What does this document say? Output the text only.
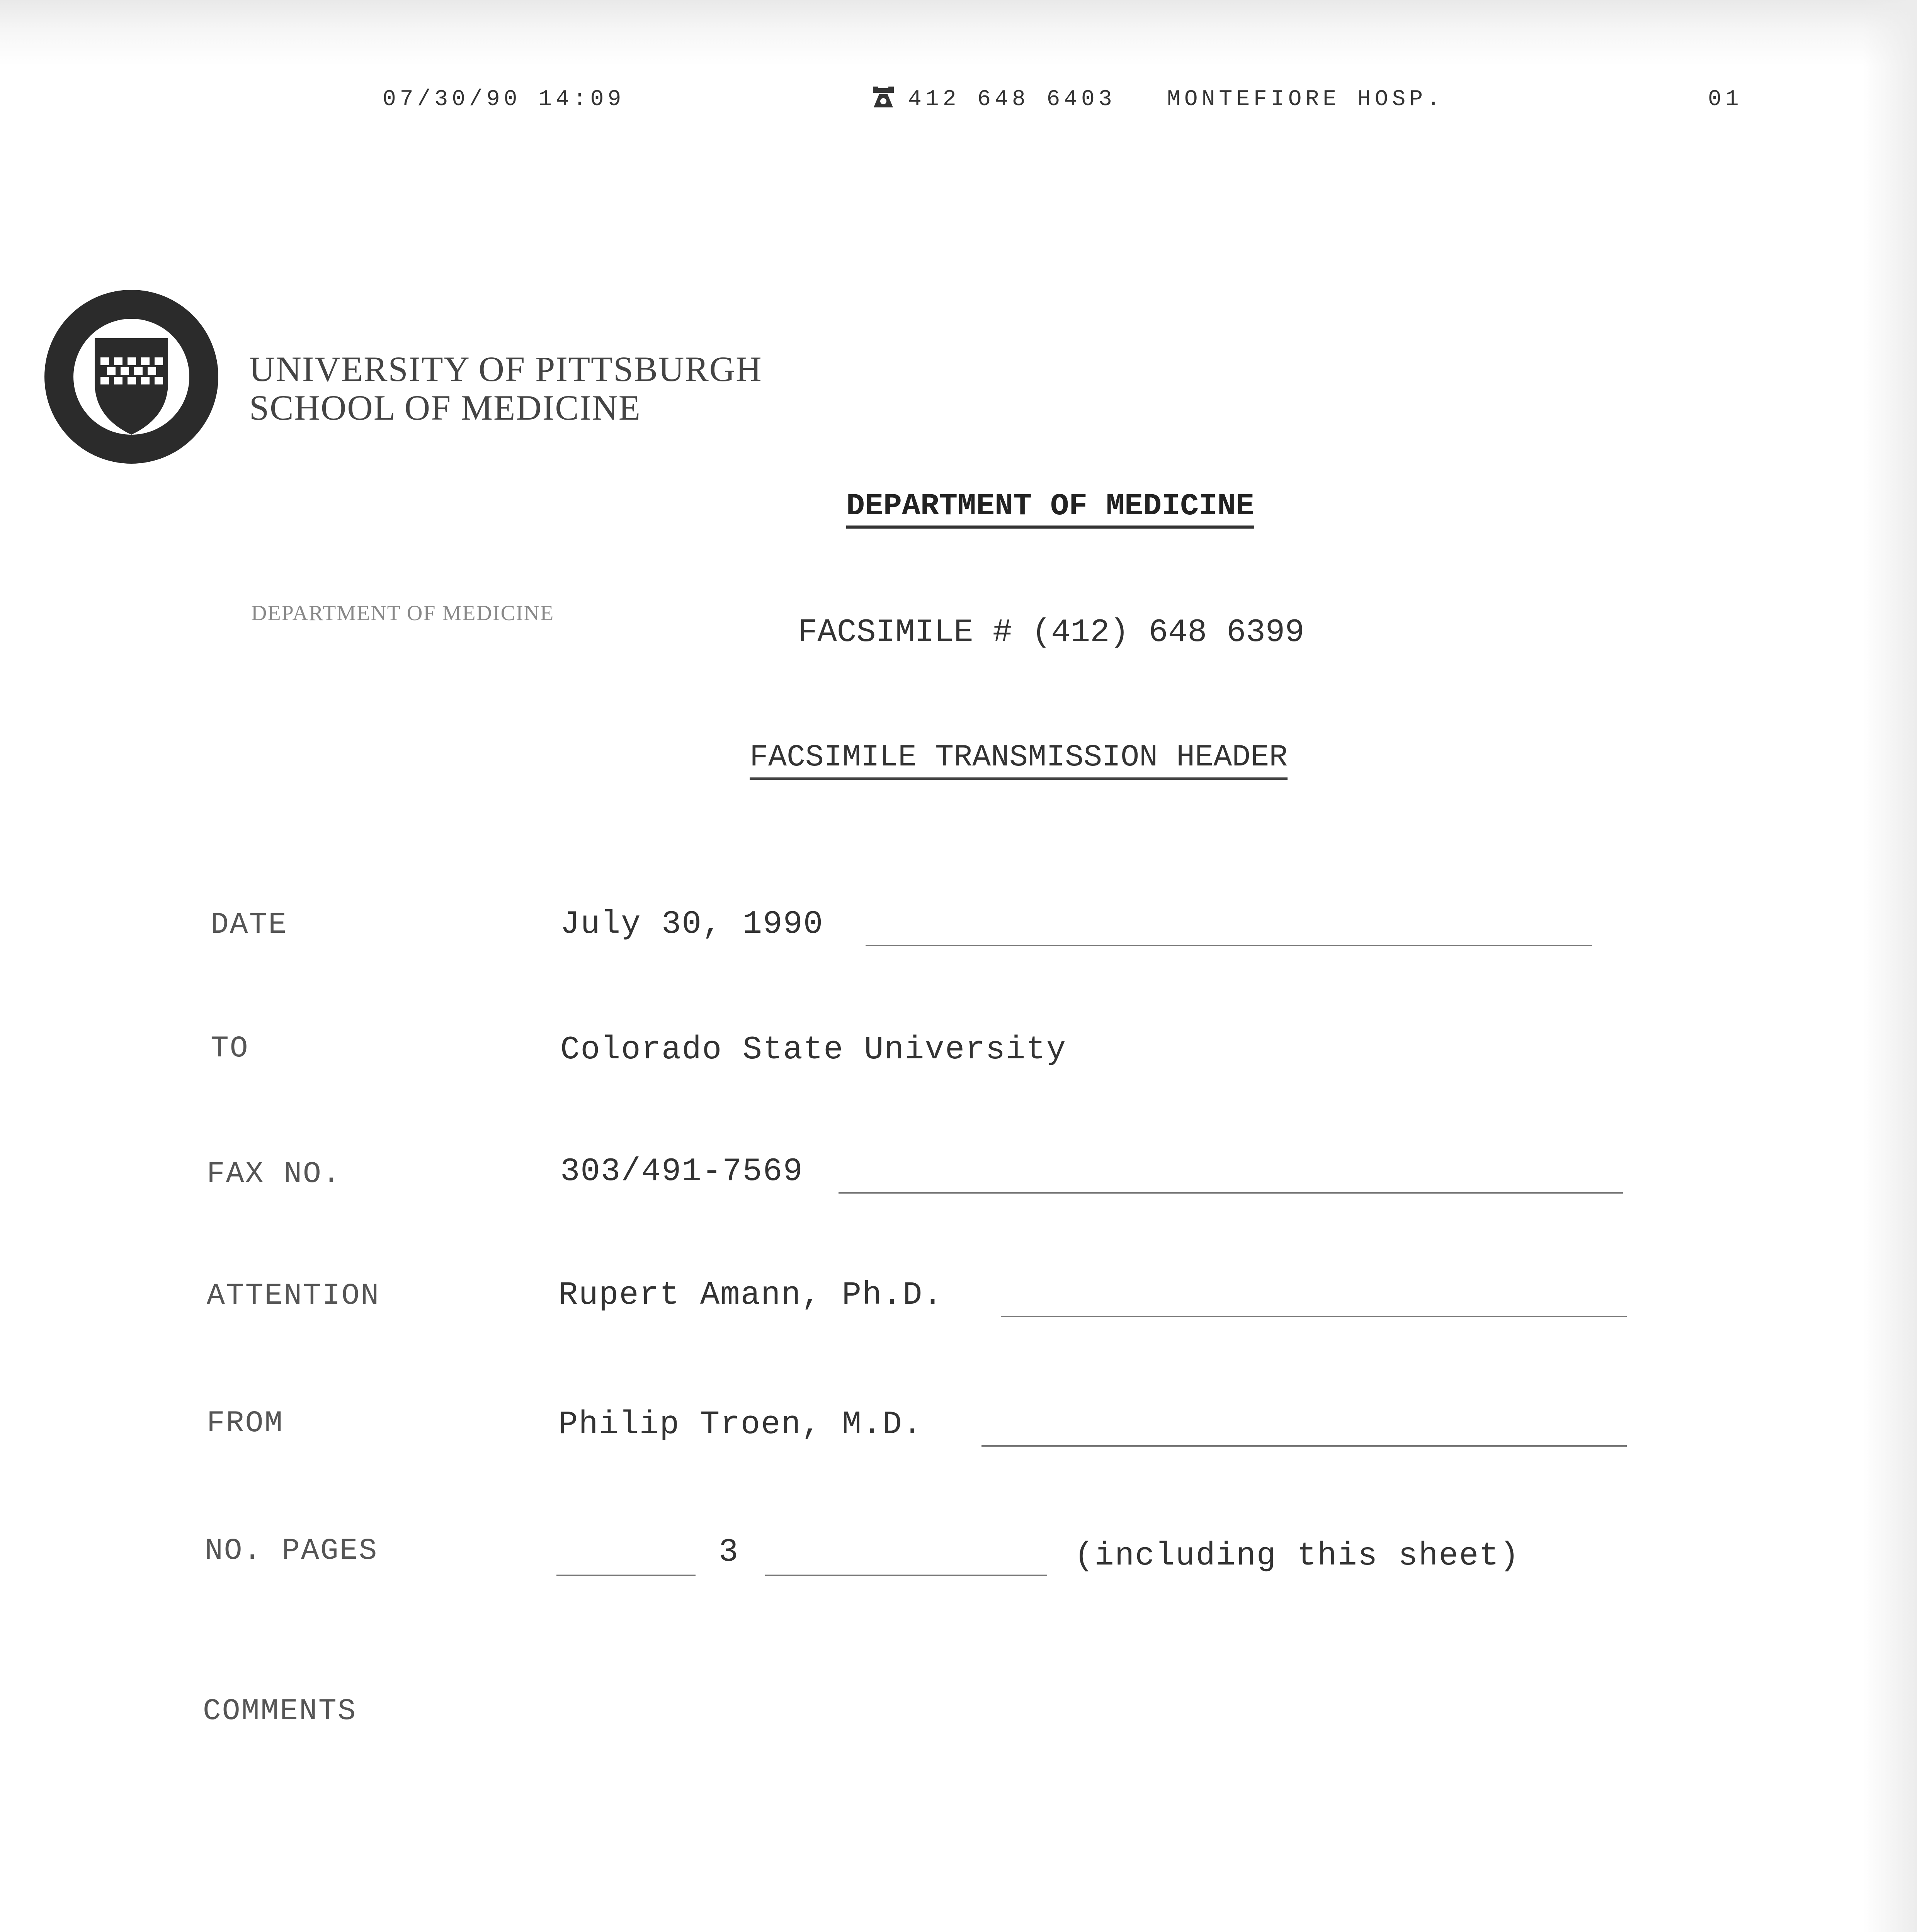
07/30/90 14:09	412 648 6403 MONTEFIORE HOSP.	01
UNIVERSITY OF PITTSBURGH
SCHOOL OF MEDICINE
DEPARTMENT OF MEDICINE
DEPARTMENT OF MEDICINE
FACSIMILE # (412) 648 6399
FACSIMILE TRANSMISSION HEADER
DATE	July 30, 1990
TO	Colorado State University
FAX NO.	303/491-7569
ATTENTION	Rupert Amann, Ph.D.
FROM	Philip Troen, M.D.
NO. PAGES	3	(including this sheet)
COMMENTS
